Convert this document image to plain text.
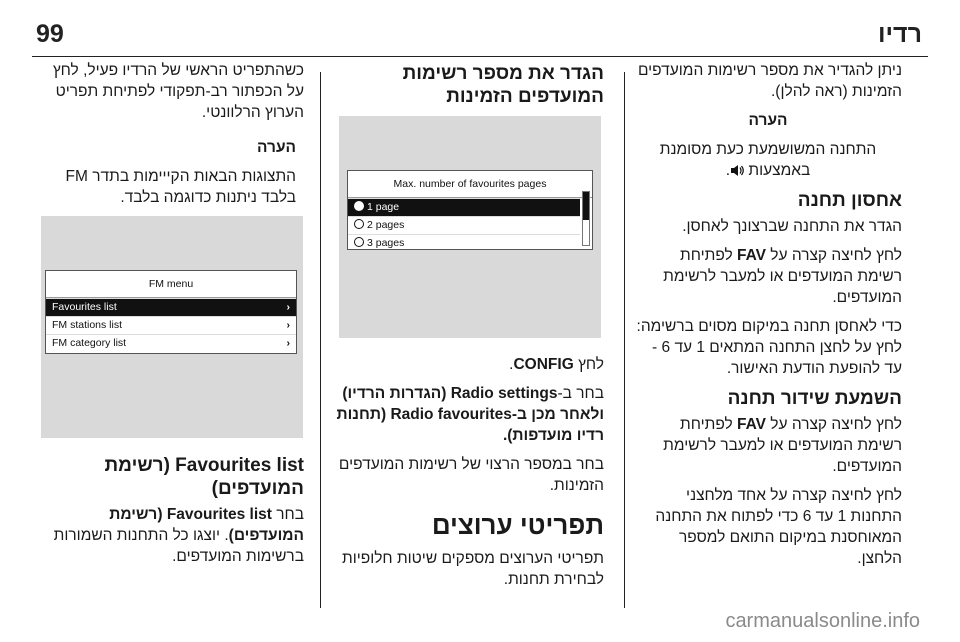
99	רדיו

ניתן להגדיר את מספר רשימות המועדפים הזמינות (ראה להלן).

הערה

התחנה המשושמעת כעת מסומנת באמצעות .

אחסון תחנה

הגדר את התחנה שברצונך לאחסן.

לחץ לחיצה קצרה על FAV לפתיחת רשימת המועדפים או למעבר לרשימת המועדפים.

כדי לאחסן תחנה במיקום מסוים ברשימה: לחץ על לחצן התחנה המתאים 1 עד 6 - עד להופעת הודעת האישור.

השמעת שידור תחנה

לחץ לחיצה קצרה על FAV לפתיחת רשימת המועדפים או למעבר לרשימת המועדפים.

לחץ לחיצה קצרה על אחד מלחצני התחנות 1 עד 6 כדי לפתוח את התחנה המאוחסנת במיקום התואם למספר הלחצן.

הגדר את מספר רשימות המועדפים הזמינות
Max. number of favourites pages
1 page
2 pages
3 pages

לחץ CONFIG.

בחר ב-Radio settings (הגדרות הרדיו) ולאחר מכן ב-Radio favourites (תחנות רדיו מועדפות).

בחר במספר הרצוי של רשימות המועדפים הזמינות.

תפריטי ערוצים

תפריטי הערוצים מספקים שיטות חלופיות לבחירת תחנות.

כשהתפריט הראשי של הרדיו פעיל, לחץ על הכפתור רב-תפקודי לפתיחת תפריט הערוץ הרלוונטי.

הערה

התצוגות הבאות הקייימות בתדר FM בלבד ניתנות כדוגמה בלבד.

FM menu
Favourites list	›
FM stations list	›
FM category list	›
Favourites list (רשימת המועדפים)

בחר Favourites list (רשימת המועדפים). יוצגו כל התחנות השמורות ברשימות המועדפים.

carmanualsonline.info
